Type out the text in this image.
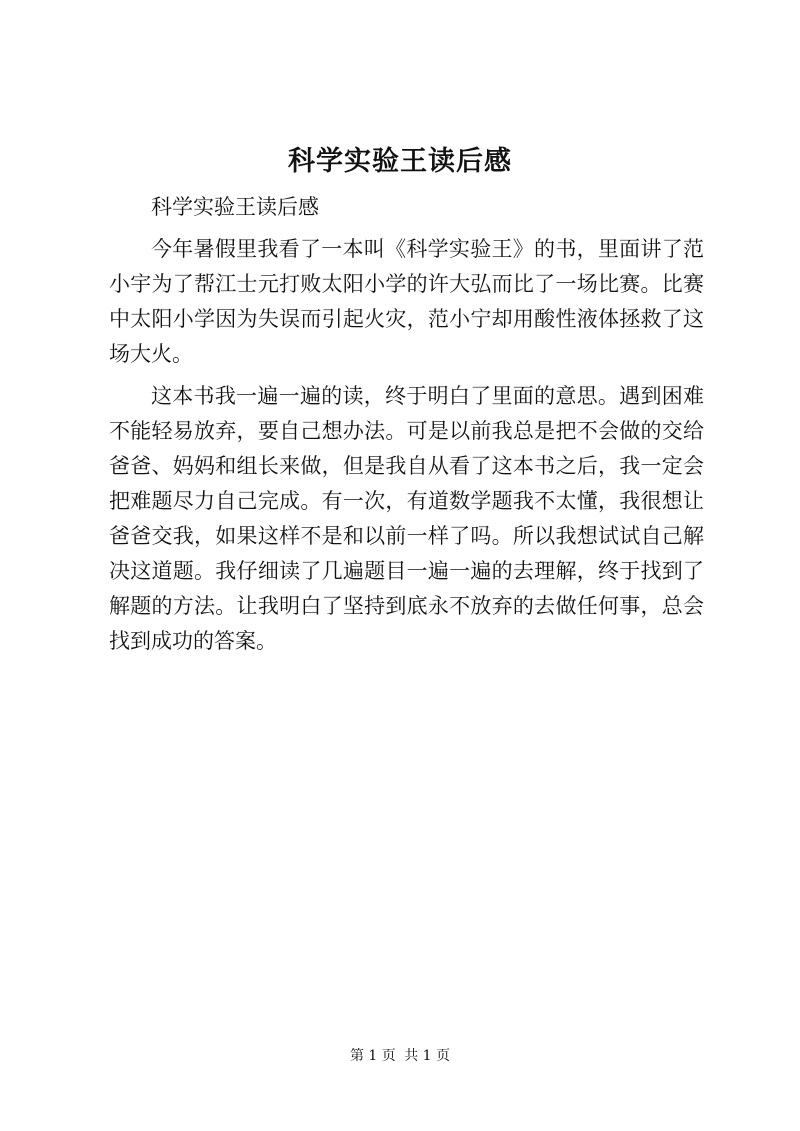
科学实验王读后感

科学实验王读后感

今年暑假里我看了一本叫《科学实验王》的书，里面讲了范小宇为了帮江士元打败太阳小学的许大弘而比了一场比赛。比赛中太阳小学因为失误而引起火灾，范小宁却用酸性液体拯救了这场大火。

这本书我一遍一遍的读，终于明白了里面的意思。遇到困难不能轻易放弃，要自己想办法。可是以前我总是把不会做的交给爸爸、妈妈和组长来做，但是我自从看了这本书之后，我一定会把难题尽力自己完成。有一次，有道数学题我不太懂，我很想让爸爸交我，如果这样不是和以前一样了吗。所以我想试试自己解决这道题。我仔细读了几遍题目一遍一遍的去理解，终于找到了解题的方法。让我明白了坚持到底永不放弃的去做任何事，总会找到成功的答案。

第 1 页 共 1 页
